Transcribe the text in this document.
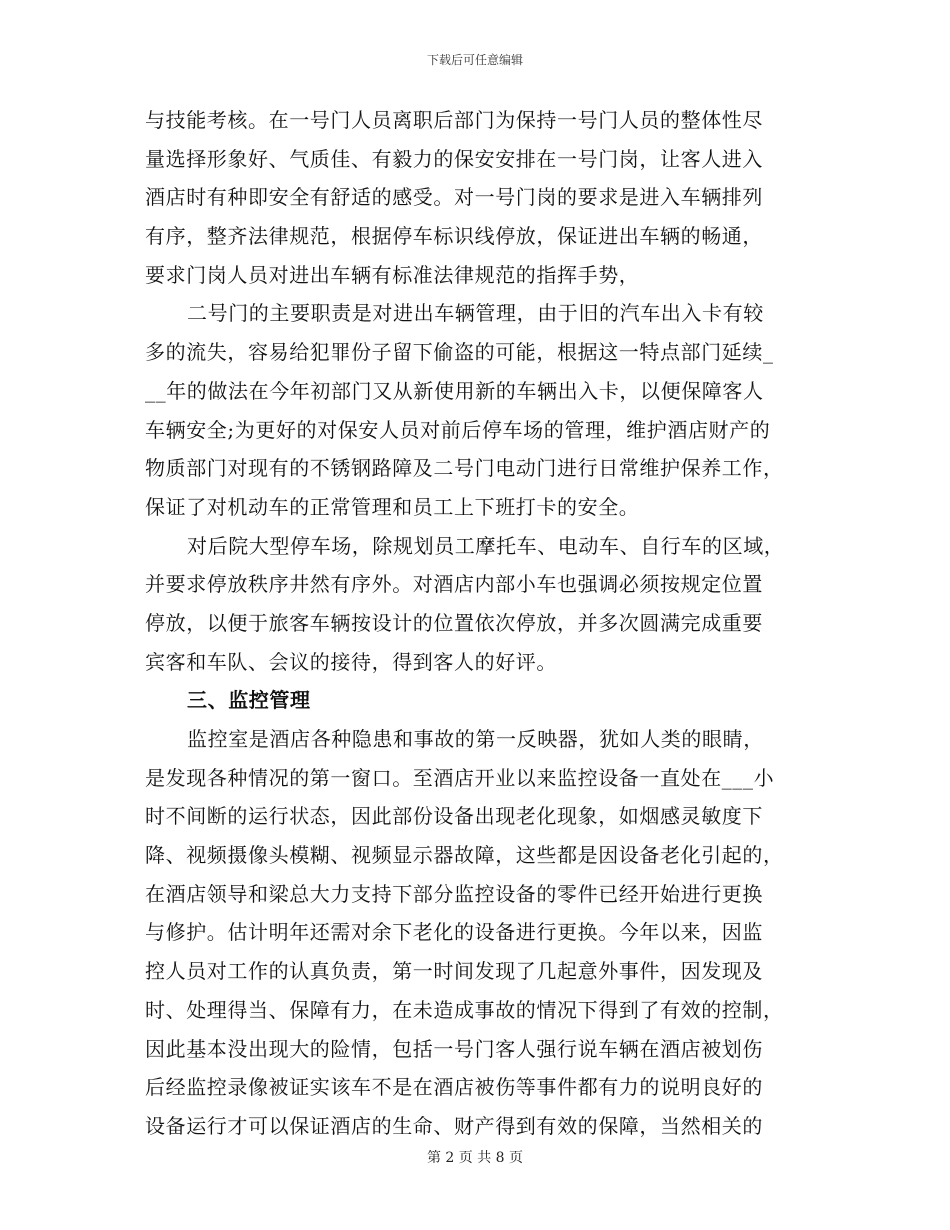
下载后可任意编辑
与技能考核。在一号门人员离职后部门为保持一号门人员的整体性尽
量选择形象好、气质佳、有毅力的保安安排在一号门岗，让客人进入
酒店时有种即安全有舒适的感受。对一号门岗的要求是进入车辆排列
有序，整齐法律规范，根据停车标识线停放，保证进出车辆的畅通，
要求门岗人员对进出车辆有标准法律规范的指挥手势，
二号门的主要职责是对进出车辆管理，由于旧的汽车出入卡有较
多的流失，容易给犯罪份子留下偷盗的可能，根据这一特点部门延续_
__年的做法在今年初部门又从新使用新的车辆出入卡，以便保障客人
车辆安全;为更好的对保安人员对前后停车场的管理，维护酒店财产的
物质部门对现有的不锈钢路障及二号门电动门进行日常维护保养工作，
保证了对机动车的正常管理和员工上下班打卡的安全。
对后院大型停车场，除规划员工摩托车、电动车、自行车的区域，
并要求停放秩序井然有序外。对酒店内部小车也强调必须按规定位置
停放，以便于旅客车辆按设计的位置依次停放，并多次圆满完成重要
宾客和车队、会议的接待，得到客人的好评。
三、监控管理
监控室是酒店各种隐患和事故的第一反映器，犹如人类的眼睛，
是发现各种情况的第一窗口。至酒店开业以来监控设备一直处在___小
时不间断的运行状态，因此部份设备出现老化现象，如烟感灵敏度下
降、视频摄像头模糊、视频显示器故障，这些都是因设备老化引起的，
在酒店领导和梁总大力支持下部分监控设备的零件已经开始进行更换
与修护。估计明年还需对余下老化的设备进行更换。今年以来，因监
控人员对工作的认真负责，第一时间发现了几起意外事件，因发现及
时、处理得当、保障有力，在未造成事故的情况下得到了有效的控制，
因此基本没出现大的险情，包括一号门客人强行说车辆在酒店被划伤
后经监控录像被证实该车不是在酒店被伤等事件都有力的说明良好的
设备运行才可以保证酒店的生命、财产得到有效的保障，当然相关的
第 2 页 共 8 页
